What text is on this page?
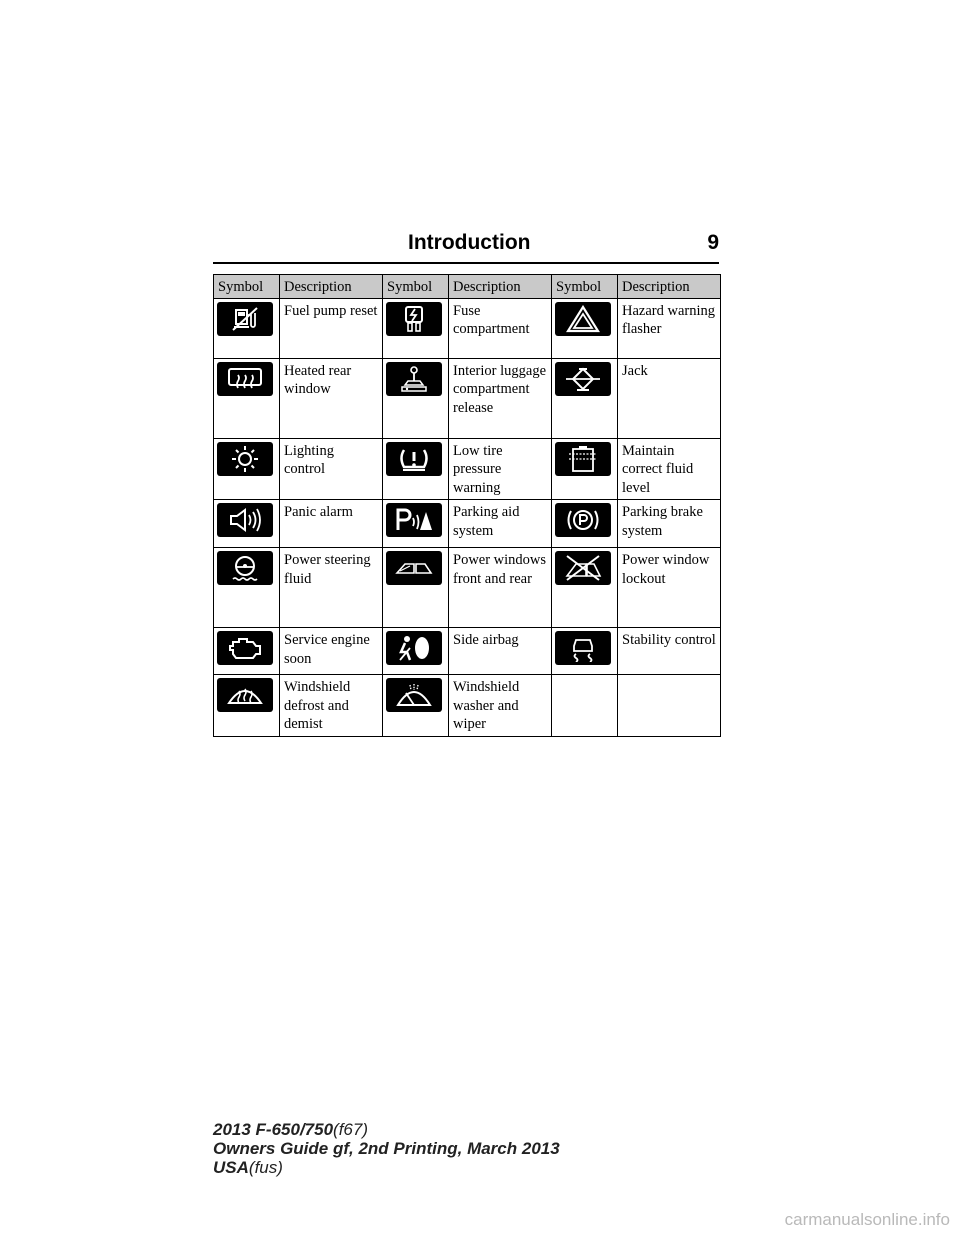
Introduction	9
Symbol	Description	Symbol	Description	Symbol	Description

Fuel pump reset		Fuse compartment		Hazard warning flasher

Heated rear window		Interior luggage compartment release		Jack

Lighting control		Low tire pressure warning		Maintain correct fluid level

Panic alarm		Parking aid system		Parking brake system

Power steering fluid		Power windows front and rear		Power window lockout

Service engine soon		Side airbag		Stability control

Windshield defrost and demist		Windshield washer and wiper		

2013 F-650/750(f67)
Owners Guide gf, 2nd Printing, March 2013
USA(fus)
carmanualsonline.info
